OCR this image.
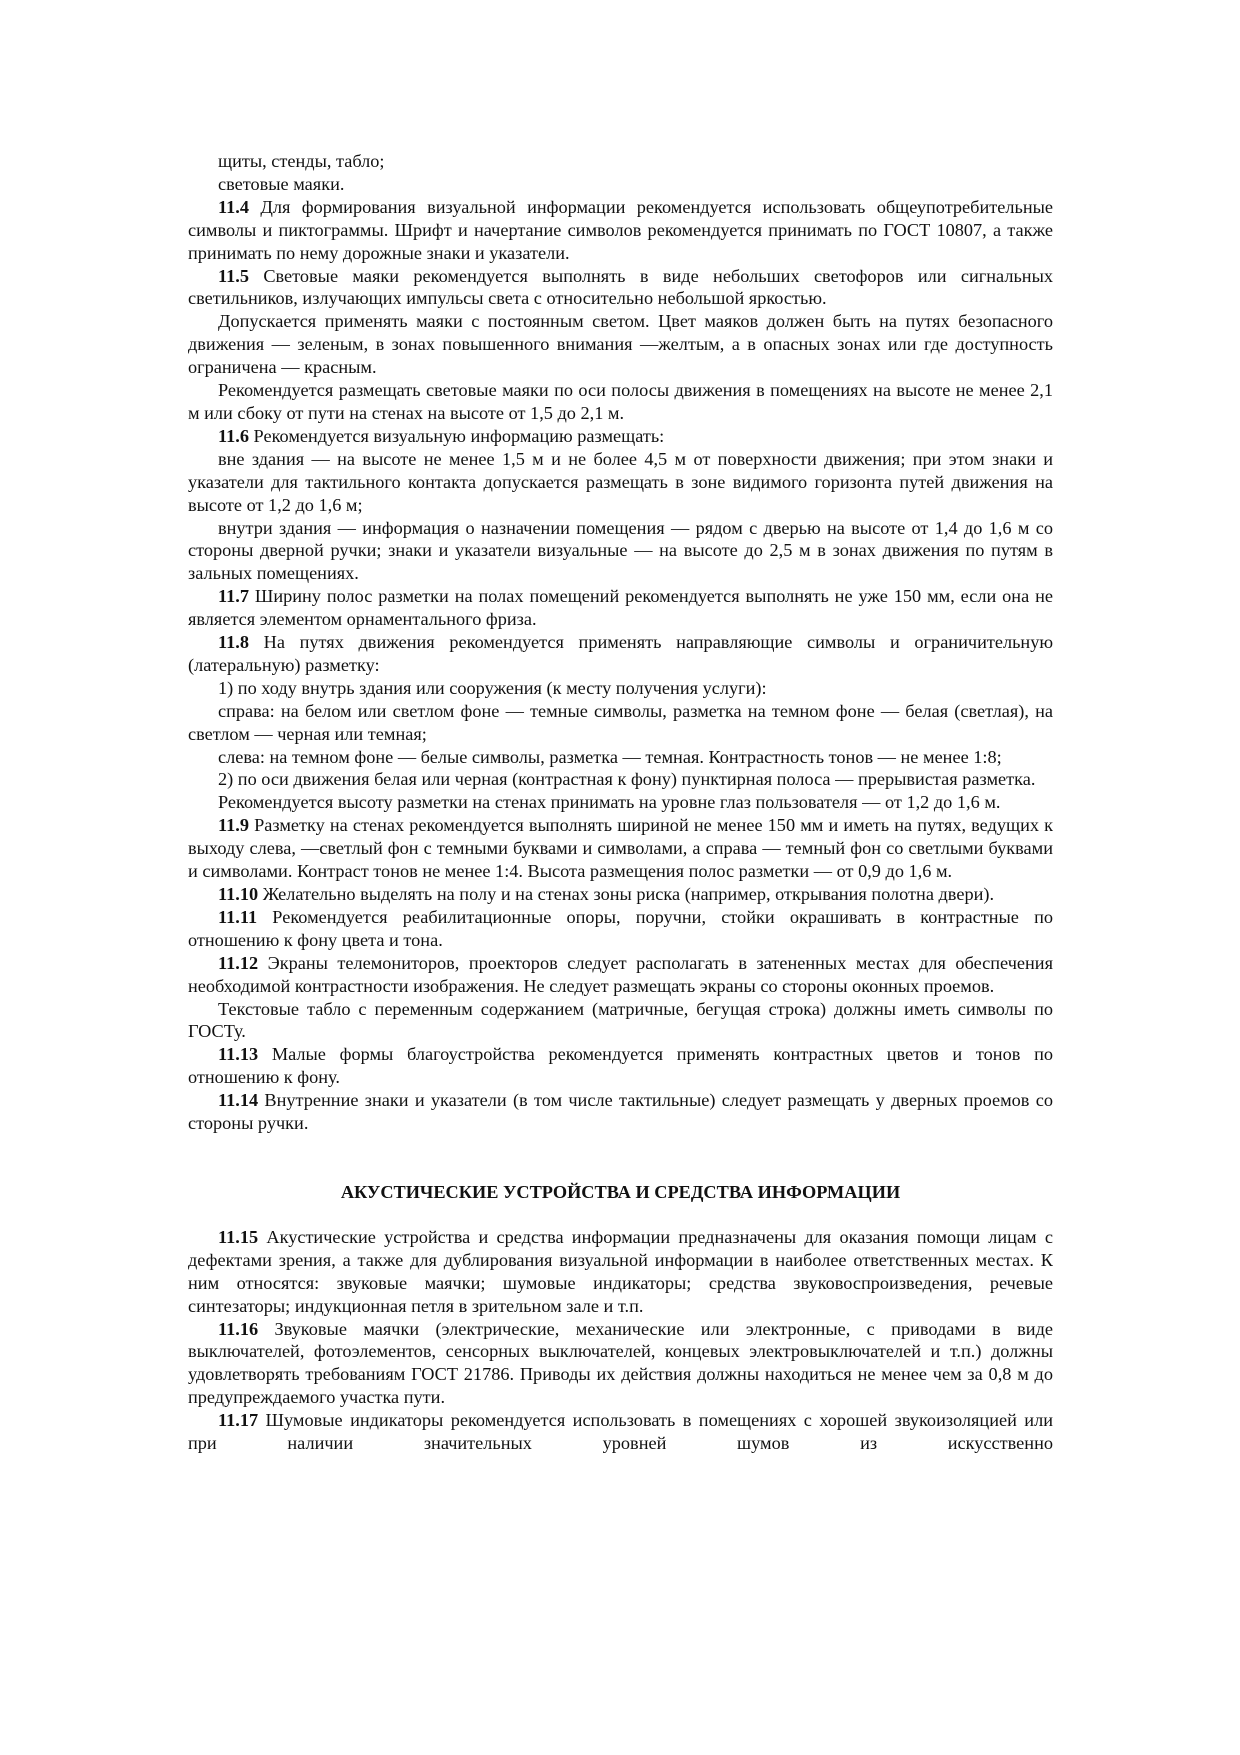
щиты, стенды, табло;

световые маяки.

11.4 Для формирования визуальной информации рекомендуется использовать общеупотребительные символы и пиктограммы. Шрифт и начертание символов рекомендуется принимать по ГОСТ 10807, а также принимать по нему дорожные знаки и указатели.

11.5 Световые маяки рекомендуется выполнять в виде небольших светофоров или сигнальных светильников, излучающих импульсы света с относительно небольшой яркостью.

Допускается применять маяки с постоянным светом. Цвет маяков должен быть на путях безопасного движения — зеленым, в зонах повышенного внимания —желтым, а в опасных зонах или где доступность ограничена — красным.

Рекомендуется размещать световые маяки по оси полосы движения в помещениях на высоте не менее 2,1 м или сбоку от пути на стенах на высоте от 1,5 до 2,1 м.

11.6 Рекомендуется визуальную информацию размещать:

вне здания — на высоте не менее 1,5 м и не более 4,5 м от поверхности движения; при этом знаки и указатели для тактильного контакта допускается размещать в зоне видимого горизонта путей движения на высоте от 1,2 до 1,6 м;

внутри здания — информация о назначении помещения — рядом с дверью на высоте от 1,4 до 1,6 м со стороны дверной ручки; знаки и указатели визуальные — на высоте до 2,5 м в зонах движения по путям в зальных помещениях.

11.7 Ширину полос разметки на полах помещений рекомендуется выполнять не уже 150 мм, если она не является элементом орнаментального фриза.

11.8 На путях движения рекомендуется применять направляющие символы и ограничительную (латеральную) разметку:

1) по ходу внутрь здания или сооружения (к месту получения услуги):

справа: на белом или светлом фоне — темные символы, разметка на темном фоне — белая (светлая), на светлом — черная или темная;

слева: на темном фоне — белые символы, разметка — темная. Контрастность тонов — не менее 1:8;

2) по оси движения белая или черная (контрастная к фону) пунктирная полоса — прерывистая разметка.

Рекомендуется высоту разметки на стенах принимать на уровне глаз пользователя — от 1,2 до 1,6 м.

11.9 Разметку на стенах рекомендуется выполнять шириной не менее 150 мм и иметь на путях, ведущих к выходу слева, —светлый фон с темными буквами и символами, а справа — темный фон со светлыми буквами и символами. Контраст тонов не менее 1:4. Высота размещения полос разметки — от 0,9 до 1,6 м.

11.10 Желательно выделять на полу и на стенах зоны риска (например, открывания полотна двери).

11.11 Рекомендуется реабилитационные опоры, поручни, стойки окрашивать в контрастные по отношению к фону цвета и тона.

11.12 Экраны телемониторов, проекторов следует располагать в затененных местах для обеспечения необходимой контрастности изображения. Не следует размещать экраны со стороны оконных проемов.

Текстовые табло с переменным содержанием (матричные, бегущая строка) должны иметь символы по ГОСТу.

11.13 Малые формы благоустройства рекомендуется применять контрастных цветов и тонов по отношению к фону.

11.14 Внутренние знаки и указатели (в том числе тактильные) следует размещать у дверных проемов со стороны ручки.

АКУСТИЧЕСКИЕ УСТРОЙСТВА И СРЕДСТВА ИНФОРМАЦИИ

11.15 Акустические устройства и средства информации предназначены для оказания помощи лицам с дефектами зрения, а также для дублирования визуальной информации в наиболее ответственных местах. К ним относятся: звуковые маячки; шумовые индикаторы; средства звуковоспроизведения, речевые синтезаторы; индукционная петля в зрительном зале и т.п.

11.16 Звуковые маячки (электрические, механические или электронные, с приводами в виде выключателей, фотоэлементов, сенсорных выключателей, концевых электровыключателей и т.п.) должны удовлетворять требованиям ГОСТ 21786. Приводы их действия должны находиться не менее чем за 0,8 м до предупреждаемого участка пути.

11.17 Шумовые индикаторы рекомендуется использовать в помещениях с хорошей звукоизоляцией или при наличии значительных уровней шумов из искусственно
